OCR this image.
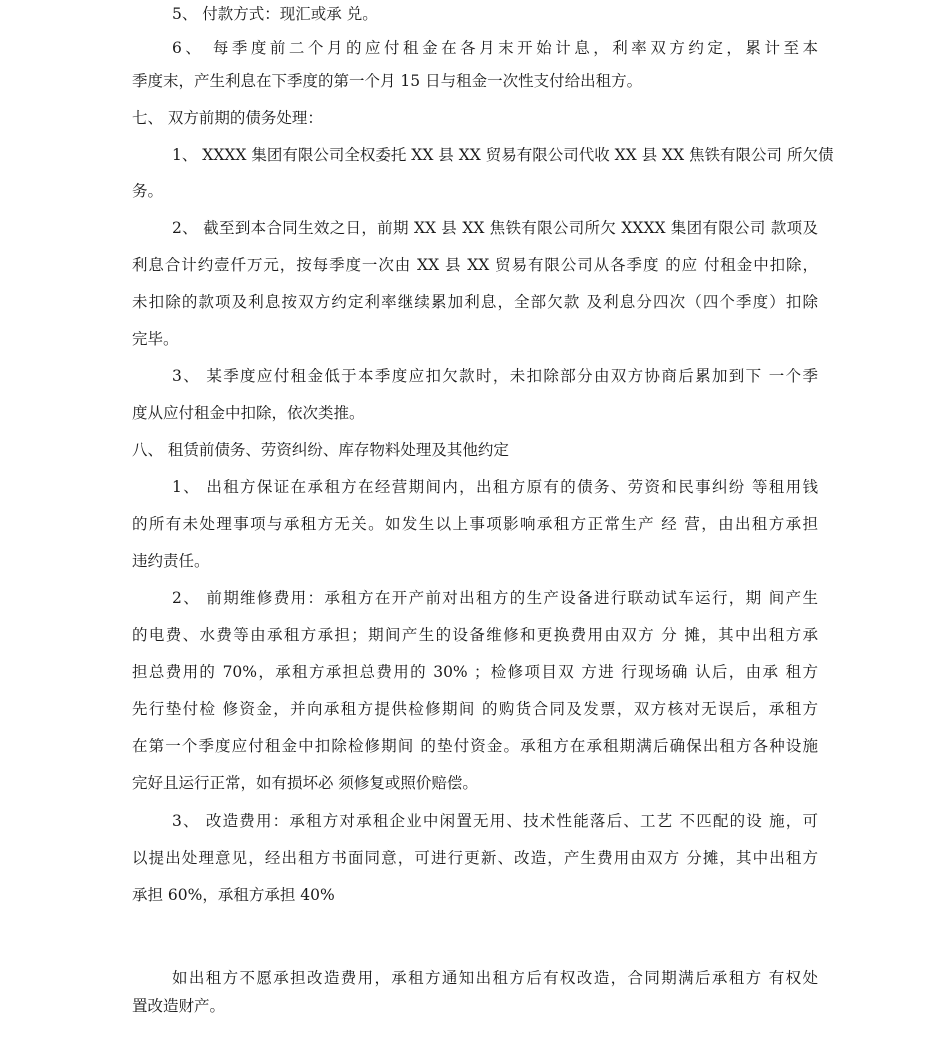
5、 付款方式：现汇或承 兑。
6、 每季度前二个月的应付租金在各月末开始计息，利率双方约定，累计至本
季度末，产生利息在下季度的第一个月 15 日与租金一次性支付给出租方。
七、 双方前期的债务处理：
1、 XXXX 集团有限公司全权委托 XX 县 XX 贸易有限公司代收 XX 县 XX 焦铁有限公司 所欠债
务。
2、 截至到本合同生效之日，前期 XX 县 XX 焦铁有限公司所欠 XXXX 集团有限公司 款项及
利息合计约壹仟万元，按每季度一次由 XX 县 XX 贸易有限公司从各季度 的应 付租金中扣除，
未扣除的款项及利息按双方约定利率继续累加利息，全部欠款 及利息分四次（四个季度）扣除
完毕。
3、 某季度应付租金低于本季度应扣欠款时，未扣除部分由双方协商后累加到下 一个季
度从应付租金中扣除，依次类推。
八、 租赁前债务、劳资纠纷、库存物料处理及其他约定
1、 出租方保证在承租方在经营期间内，出租方原有的债务、劳资和民事纠纷 等租用钱
的所有未处理事项与承租方无关。如发生以上事项影响承租方正常生产 经 营，由出租方承担
违约责任。
2、 前期维修费用：承租方在开产前对出租方的生产设备进行联动试车运行，期 间产生
的电费、水费等由承租方承担；期间产生的设备维修和更换费用由双方 分 摊，其中出租方承
担总费用的 70%，承租方承担总费用的 30% ；检修项目双 方进 行现场确 认后，由承 租方
先行垫付检 修资金，并向承租方提供检修期间 的购货合同及发票，双方核对无误后，承租方
在第一个季度应付租金中扣除检修期间 的垫付资金。承租方在承租期满后确保出租方各种设施
完好且运行正常，如有损坏必 须修复或照价赔偿。
3、 改造费用：承租方对承租企业中闲置无用、技术性能落后、工艺 不匹配的设 施，可
以提出处理意见，经出租方书面同意，可进行更新、改造，产生费用由双方 分摊，其中出租方
承担 60%，承租方承担 40%
如出租方不愿承担改造费用，承租方通知出租方后有权改造，合同期满后承租方 有权处
置改造财产。
